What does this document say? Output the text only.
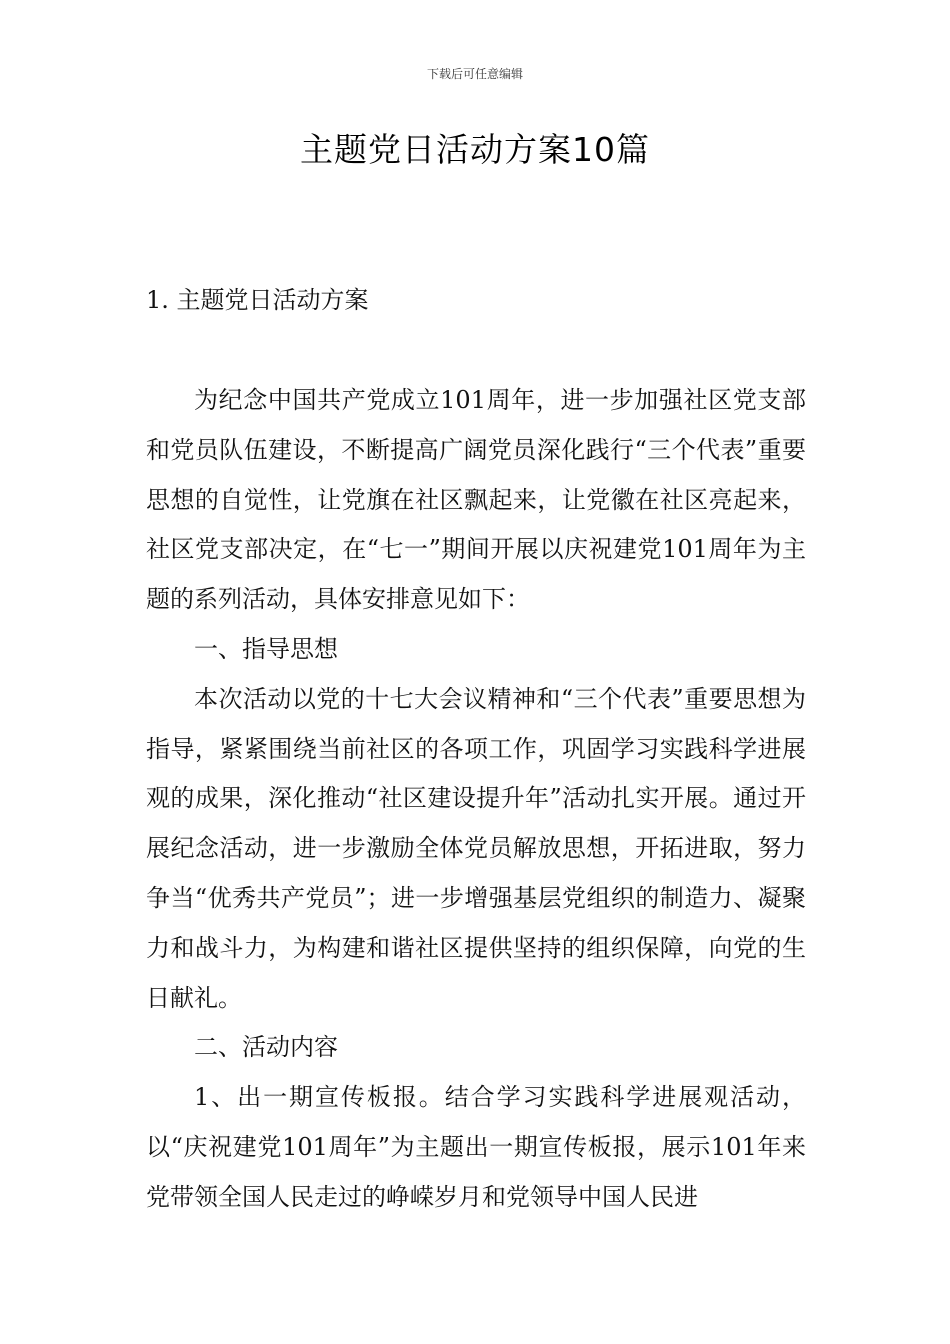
下载后可任意编辑
主题党日活动方案10篇
1. 主题党日活动方案

为纪念中国共产党成立101周年，进一步加强社区党支部和党员队伍建设，不断提高广阔党员深化践行“三个代表”重要思想的自觉性，让党旗在社区飘起来，让党徽在社区亮起来，社区党支部决定，在“七一”期间开展以庆祝建党101周年为主题的系列活动，具体安排意见如下：

一、指导思想

本次活动以党的十七大会议精神和“三个代表”重要思想为指导，紧紧围绕当前社区的各项工作，巩固学习实践科学进展观的成果，深化推动“社区建设提升年”活动扎实开展。通过开展纪念活动，进一步激励全体党员解放思想，开拓进取，努力争当“优秀共产党员”；进一步增强基层党组织的制造力、凝聚力和战斗力，为构建和谐社区提供坚持的组织保障，向党的生日献礼。

二、活动内容

1、出一期宣传板报。结合学习实践科学进展观活动，以“庆祝建党101周年”为主题出一期宣传板报，展示101年来党带领全国人民走过的峥嵘岁月和党领导中国人民进
